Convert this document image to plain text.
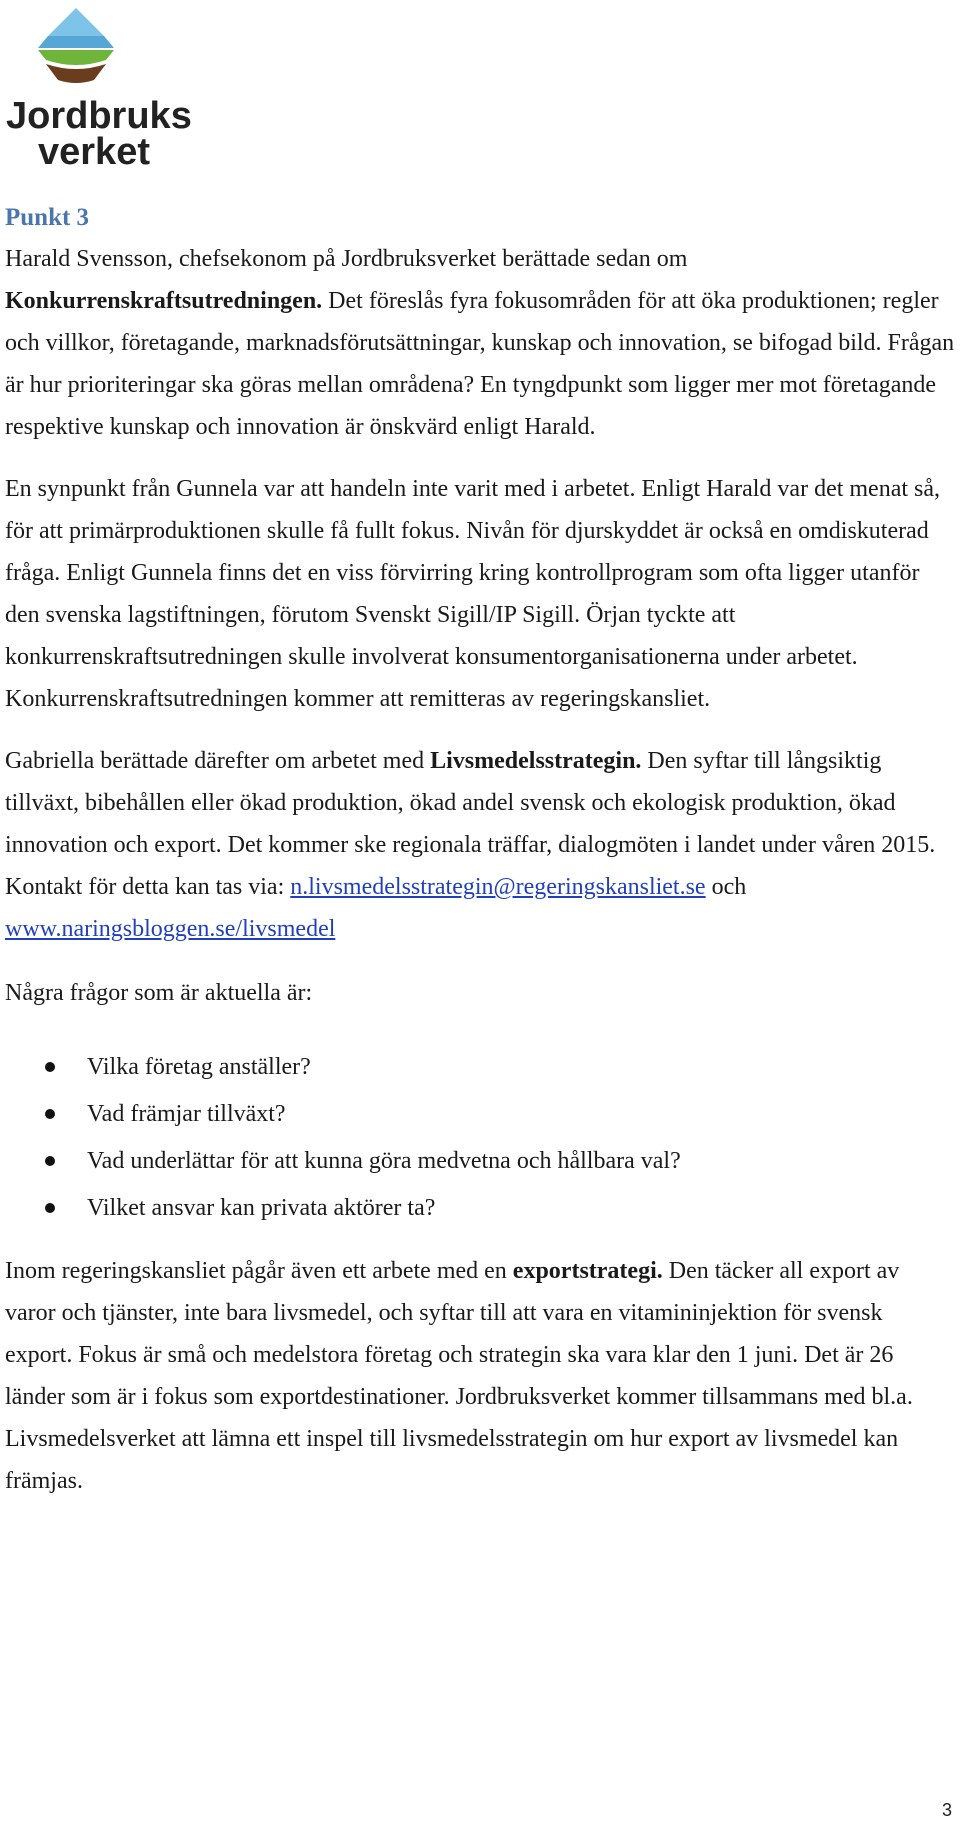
Jordbruks
verket

Punkt 3

Harald Svensson, chefsekonom på Jordbruksverket berättade sedan om Konkurrenskraftsutredningen. Det föreslås fyra fokusområden för att öka produktionen; regler och villkor, företagande, marknadsförutsättningar, kunskap och innovation, se bifogad bild. Frågan är hur prioriteringar ska göras mellan områdena? En tyngdpunkt som ligger mer mot företagande respektive kunskap och innovation är önskvärd enligt Harald.

En synpunkt från Gunnela var att handeln inte varit med i arbetet. Enligt Harald var det menat så, för att primärproduktionen skulle få fullt fokus. Nivån för djurskyddet är också en omdiskuterad fråga. Enligt Gunnela finns det en viss förvirring kring kontrollprogram som ofta ligger utanför den svenska lagstiftningen, förutom Svenskt Sigill/IP Sigill. Örjan tyckte att konkurrenskraftsutredningen skulle involverat konsumentorganisationerna under arbetet. Konkurrenskraftsutredningen kommer att remitteras av regeringskansliet.

Gabriella berättade därefter om arbetet med Livsmedelsstrategin. Den syftar till långsiktig tillväxt, bibehållen eller ökad produktion, ökad andel svensk och ekologisk produktion, ökad innovation och export. Det kommer ske regionala träffar, dialogmöten i landet under våren 2015. Kontakt för detta kan tas via: n.livsmedelsstrategin@regeringskansliet.se och www.naringsbloggen.se/livsmedel

Några frågor som är aktuella är:

Vilka företag anställer?
Vad främjar tillväxt?
Vad underlättar för att kunna göra medvetna och hållbara val?
Vilket ansvar kan privata aktörer ta?

Inom regeringskansliet pågår även ett arbete med en exportstrategi. Den täcker all export av varor och tjänster, inte bara livsmedel, och syftar till att vara en vitamininjektion för svensk export. Fokus är små och medelstora företag och strategin ska vara klar den 1 juni. Det är 26 länder som är i fokus som exportdestinationer. Jordbruksverket kommer tillsammans med bl.a. Livsmedelsverket att lämna ett inspel till livsmedelsstrategin om hur export av livsmedel kan främjas.

3
